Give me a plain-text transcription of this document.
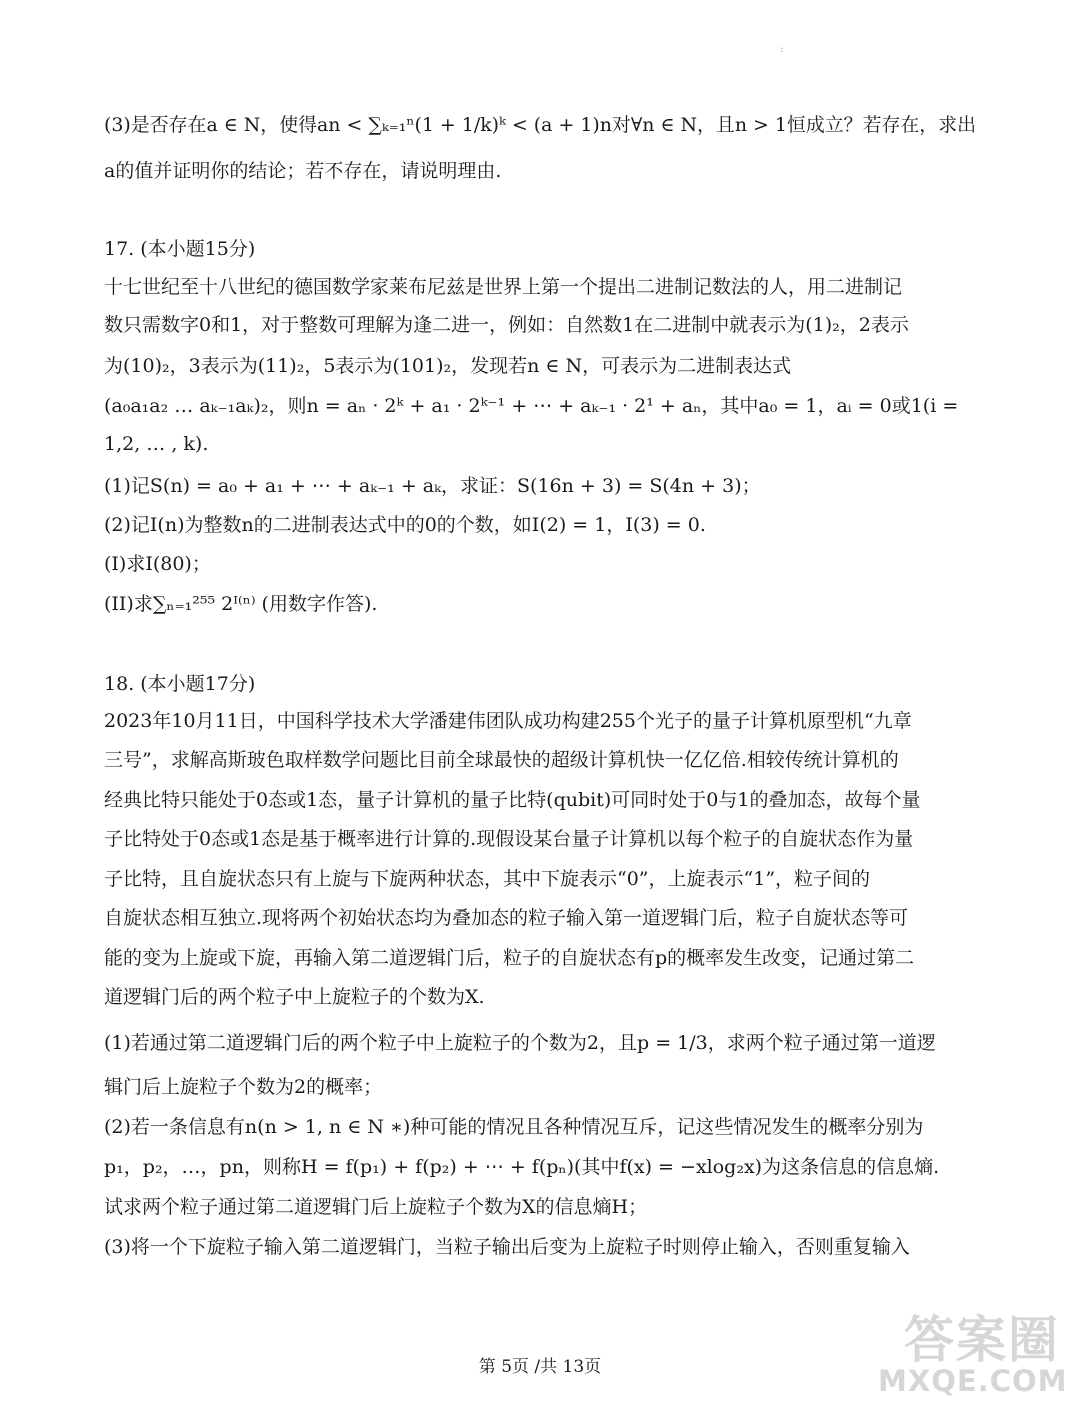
:
(3)是否存在a ∈ N，使得an < ∑ₖ₌₁ⁿ(1 + 1/k)ᵏ < (a + 1)n对∀n ∈ N，且n > 1恒成立？若存在，求出
a的值并证明你的结论；若不存在，请说明理由.
17. (本小题15分)
十七世纪至十八世纪的德国数学家莱布尼兹是世界上第一个提出二进制记数法的人，用二进制记
数只需数字0和1，对于整数可理解为逢二进一，例如：自然数1在二进制中就表示为(1)₂，2表示
为(10)₂，3表示为(11)₂，5表示为(101)₂，发现若n ∈ N，可表示为二进制表达式
(a₀a₁a₂ … aₖ₋₁aₖ)₂，则n = aₙ · 2ᵏ + a₁ · 2ᵏ⁻¹ + ⋯ + aₖ₋₁ · 2¹ + aₙ，其中a₀ = 1，aᵢ = 0或1(i =
1,2, … , k).
(1)记S(n) = a₀ + a₁ + ⋯ + aₖ₋₁ + aₖ，求证：S(16n + 3) = S(4n + 3)；
(2)记I(n)为整数n的二进制表达式中的0的个数，如I(2) = 1，I(3) = 0.
(I)求I(80)；
(II)求∑ₙ₌₁²⁵⁵ 2ᴵ⁽ⁿ⁾ (用数字作答).
18. (本小题17分)
2023年10月11日，中国科学技术大学潘建伟团队成功构建255个光子的量子计算机原型机“九章
三号”，求解高斯玻色取样数学问题比目前全球最快的超级计算机快一亿亿倍.相较传统计算机的
经典比特只能处于0态或1态，量子计算机的量子比特(qubit)可同时处于0与1的叠加态，故每个量
子比特处于0态或1态是基于概率进行计算的.现假设某台量子计算机以每个粒子的自旋状态作为量
子比特，且自旋状态只有上旋与下旋两种状态，其中下旋表示“0”，上旋表示“1”，粒子间的
自旋状态相互独立.现将两个初始状态均为叠加态的粒子输入第一道逻辑门后，粒子自旋状态等可
能的变为上旋或下旋，再输入第二道逻辑门后，粒子的自旋状态有p的概率发生改变，记通过第二
道逻辑门后的两个粒子中上旋粒子的个数为X.
(1)若通过第二道逻辑门后的两个粒子中上旋粒子的个数为2，且p = 1/3，求两个粒子通过第一道逻
辑门后上旋粒子个数为2的概率；
(2)若一条信息有n(n > 1, n ∈ N ∗)种可能的情况且各种情况互斥，记这些情况发生的概率分别为
p₁，p₂，…，pn，则称H = f(p₁) + f(p₂) + ⋯ + f(pₙ)(其中f(x) = −xlog₂x)为这条信息的信息熵.
试求两个粒子通过第二道逻辑门后上旋粒子个数为X的信息熵H；
(3)将一个下旋粒子输入第二道逻辑门，当粒子输出后变为上旋粒子时则停止输入，否则重复输入
第 5页 /共 13页	答案圈
MXQE.COM
